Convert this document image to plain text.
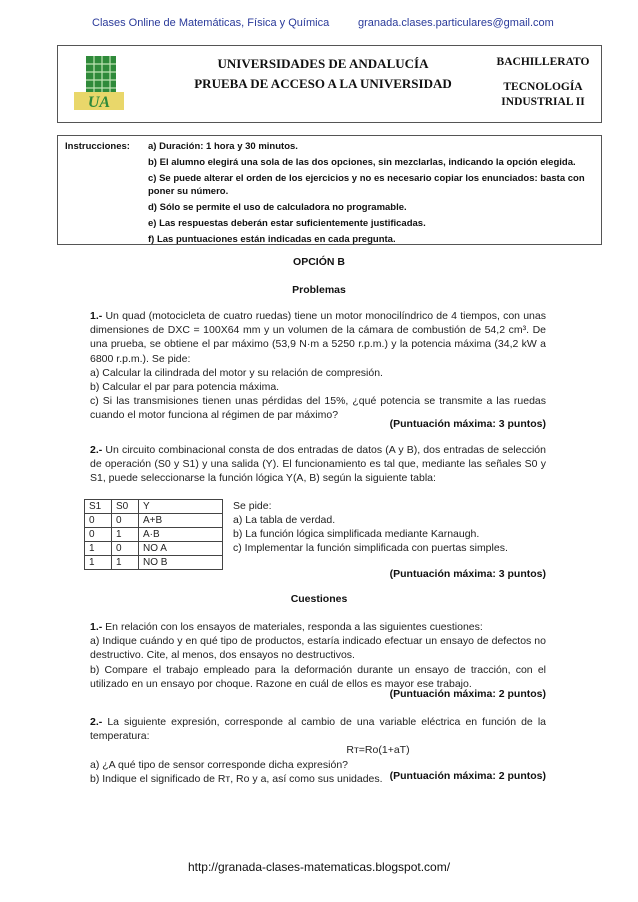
Clases Online de Matemáticas, Física y Química	granada.clases.particulares@gmail.com
UA
UNIVERSIDADES DE ANDALUCÍA
PRUEBA DE ACCESO A LA UNIVERSIDAD
BACHILLERATO
TECNOLOGÍA
INDUSTRIAL II
Instrucciones: a) Duración: 1 hora y 30 minutos.
b) El alumno elegirá una sola de las dos opciones, sin mezclarlas, indicando la opción elegida.
c) Se puede alterar el orden de los ejercicios y no es necesario copiar los enunciados: basta con poner su número.
d) Sólo se permite el uso de calculadora no programable.
e) Las respuestas deberán estar suficientemente justificadas.
f) Las puntuaciones están indicadas en cada pregunta.
OPCIÓN B
Problemas
1.- Un quad (motocicleta de cuatro ruedas) tiene un motor monocilíndrico de 4 tiempos, con unas dimensiones de DXC = 100X64 mm y un volumen de la cámara de combustión de 54,2 cm³. De una prueba, se obtiene el par máximo (53,9 N·m a 5250 r.p.m.) y la potencia máxima (34,2 kW a 6800 r.p.m.). Se pide:
a) Calcular la cilindrada del motor y su relación de compresión.
b) Calcular el par para potencia máxima.
c) Si las transmisiones tienen unas pérdidas del 15%, ¿qué potencia se transmite a las ruedas cuando el motor funciona al régimen de par máximo?
(Puntuación máxima: 3 puntos)
2.- Un circuito combinacional consta de dos entradas de datos (A y B), dos entradas de selección de operación (S0 y S1) y una salida (Y). El funcionamiento es tal que, mediante las señales S0 y S1, puede seleccionarse la función lógica Y(A, B) según la siguiente tabla:
S1	S0	Y
0	0	A+B
0	1	A·B
1	0	NO A
1	1	NO B
Se pide:
a) La tabla de verdad.
b) La función lógica simplificada mediante Karnaugh.
c) Implementar la función simplificada con puertas simples.
(Puntuación máxima: 3 puntos)
Cuestiones
1.- En relación con los ensayos de materiales, responda a las siguientes cuestiones:
a) Indique cuándo y en qué tipo de productos, estaría indicado efectuar un ensayo de defectos no destructivo. Cite, al menos, dos ensayos no destructivos.
b) Compare el trabajo empleado para la deformación durante un ensayo de tracción, con el utilizado en un ensayo por choque. Razone en cuál de ellos es mayor ese trabajo.
(Puntuación máxima: 2 puntos)
2.- La siguiente expresión, corresponde al cambio de una variable eléctrica en función de la temperatura:

Rᴛ=Ro(1+aT)
a) ¿A qué tipo de sensor corresponde dicha expresión?
b) Indique el significado de Rᴛ, Ro y a, así como sus unidades. (Puntuación máxima: 2 puntos)
http://granada-clases-matematicas.blogspot.com/
